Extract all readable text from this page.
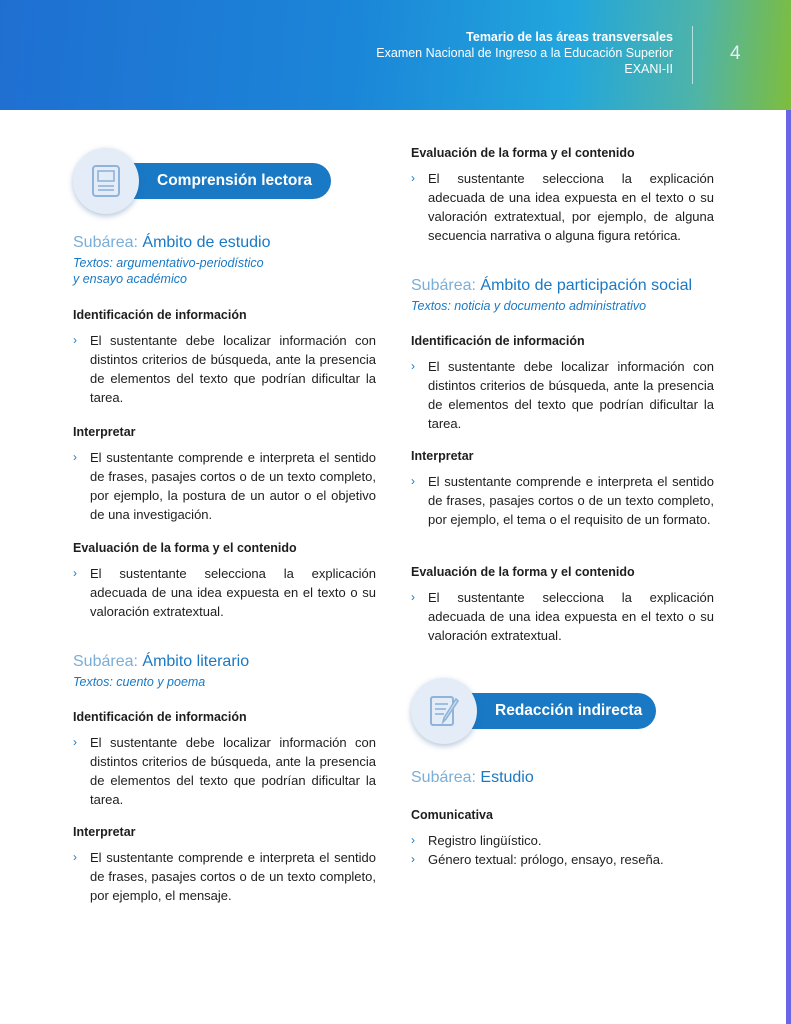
Temario de las áreas transversales
Examen Nacional de Ingreso a la Educación Superior
EXANI-II
4
Comprensión lectora

Subárea: Ámbito de estudio

Textos: argumentativo-periodístico

y ensayo académico

Identificación de información

› El sustentante debe localizar información con distintos criterios de búsqueda, ante la presencia de elementos del texto que podrían dificultar la tarea.

Interpretar

› El sustentante comprende e interpreta el sentido de frases, pasajes cortos o de un texto completo, por ejemplo, la postura de un autor o el objetivo de una investigación.

Evaluación de la forma y el contenido

› El sustentante selecciona la explicación adecuada de una idea expuesta en el texto o su valoración extratextual.

Subárea: Ámbito literario

Textos: cuento y poema

Identificación de información

› El sustentante debe localizar información con distintos criterios de búsqueda, ante la presencia de elementos del texto que podrían dificultar la tarea.

Interpretar

› El sustentante comprende e interpreta el sentido de frases, pasajes cortos o de un texto completo, por ejemplo, el mensaje.

Evaluación de la forma y el contenido

› El sustentante selecciona la explicación adecuada de una idea expuesta en el texto o su valoración extratextual, por ejemplo, de alguna secuencia narrativa o alguna figura retórica.

Subárea: Ámbito de participación social

Textos: noticia y documento administrativo

Identificación de información

› El sustentante debe localizar información con distintos criterios de búsqueda, ante la presencia de elementos del texto que podrían dificultar la tarea.

Interpretar

› El sustentante comprende e interpreta el sentido de frases, pasajes cortos o de un texto completo, por ejemplo, el tema o el requisito de un formato.

Evaluación de la forma y el contenido

› El sustentante selecciona la explicación adecuada de una idea expuesta en el texto o su valoración extratextual.

Redacción indirecta

Subárea: Estudio

Comunicativa

› Registro lingüístico.

› Género textual: prólogo, ensayo, reseña.
